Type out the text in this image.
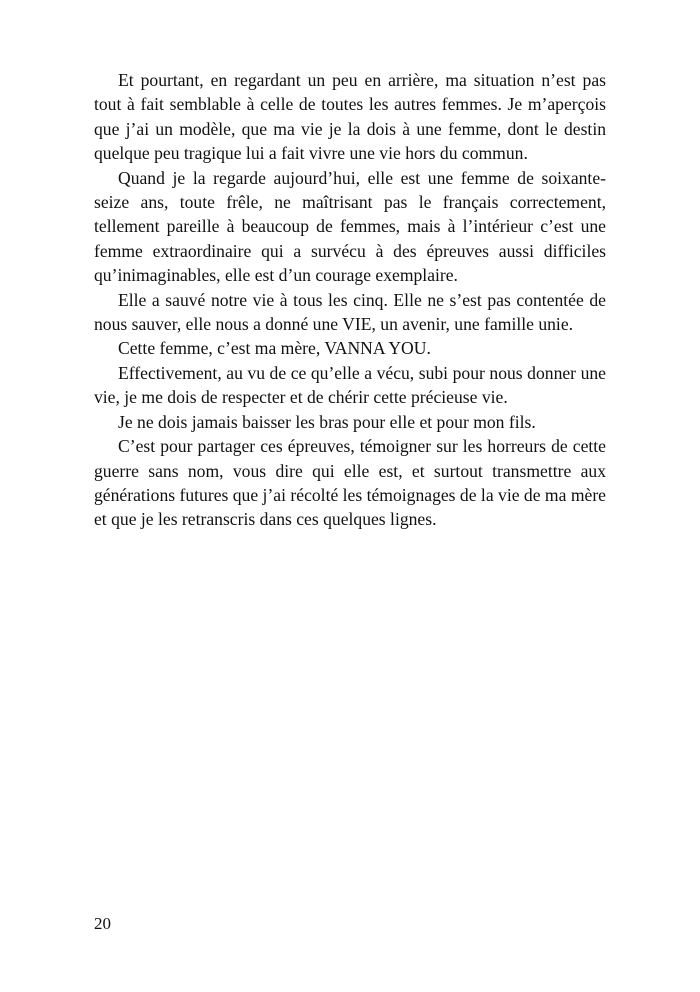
Et pourtant, en regardant un peu en arrière, ma situation n’est pas tout à fait semblable à celle de toutes les autres femmes. Je m’aperçois que j’ai un modèle, que ma vie je la dois à une femme, dont le destin quelque peu tragique lui a fait vivre une vie hors du commun.

Quand je la regarde aujourd’hui, elle est une femme de soixante-seize ans, toute frêle, ne maîtrisant pas le français correctement, tellement pareille à beaucoup de femmes, mais à l’intérieur c’est une femme extraordinaire qui a survécu à des épreuves aussi difficiles qu’inimaginables, elle est d’un courage exemplaire.

Elle a sauvé notre vie à tous les cinq. Elle ne s’est pas contentée de nous sauver, elle nous a donné une VIE, un avenir, une famille unie.

Cette femme, c’est ma mère, VANNA YOU.

Effectivement, au vu de ce qu’elle a vécu, subi pour nous donner une vie, je me dois de respecter et de chérir cette précieuse vie.

Je ne dois jamais baisser les bras pour elle et pour mon fils.

C’est pour partager ces épreuves, témoigner sur les horreurs de cette guerre sans nom, vous dire qui elle est, et surtout transmettre aux générations futures que j’ai récolté les témoignages de la vie de ma mère et que je les retranscris dans ces quelques lignes.

20
